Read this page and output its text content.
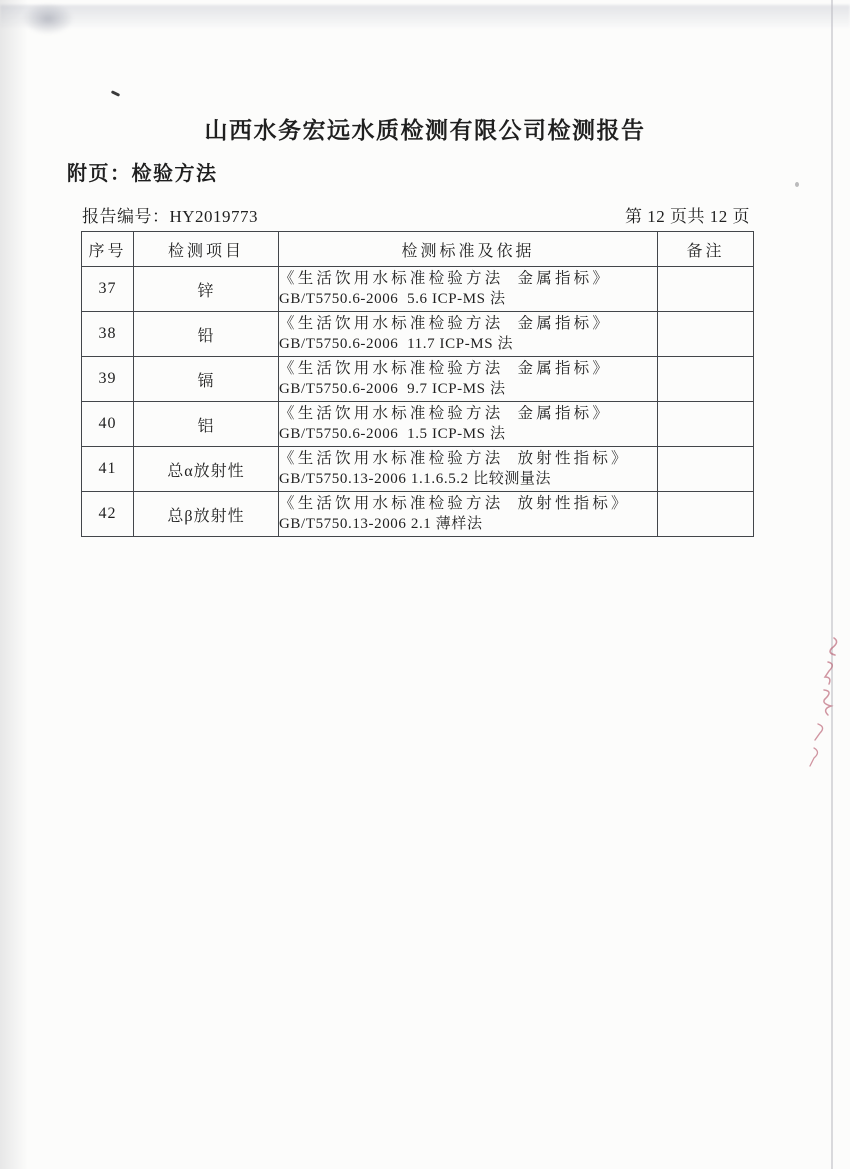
山西水务宏远水质检测有限公司检测报告
附页：检验方法
报告编号：HY2019773	第 12 页共 12 页
序号	检测项目	检测标准及依据	备注
37	锌	《生活饮用水标准检验方法  金属指标》
GB/T5750.6-2006  5.6 ICP-MS 法	

38	铅	《生活饮用水标准检验方法  金属指标》
GB/T5750.6-2006  11.7 ICP-MS 法	

39	镉	《生活饮用水标准检验方法  金属指标》
GB/T5750.6-2006  9.7 ICP-MS 法	

40	铝	《生活饮用水标准检验方法  金属指标》
GB/T5750.6-2006  1.5 ICP-MS 法	

41	总α放射性	《生活饮用水标准检验方法  放射性指标》
GB/T5750.13-2006 1.1.6.5.2 比较测量法	

42	总β放射性	《生活饮用水标准检验方法  放射性指标》
GB/T5750.13-2006 2.1 薄样法	
